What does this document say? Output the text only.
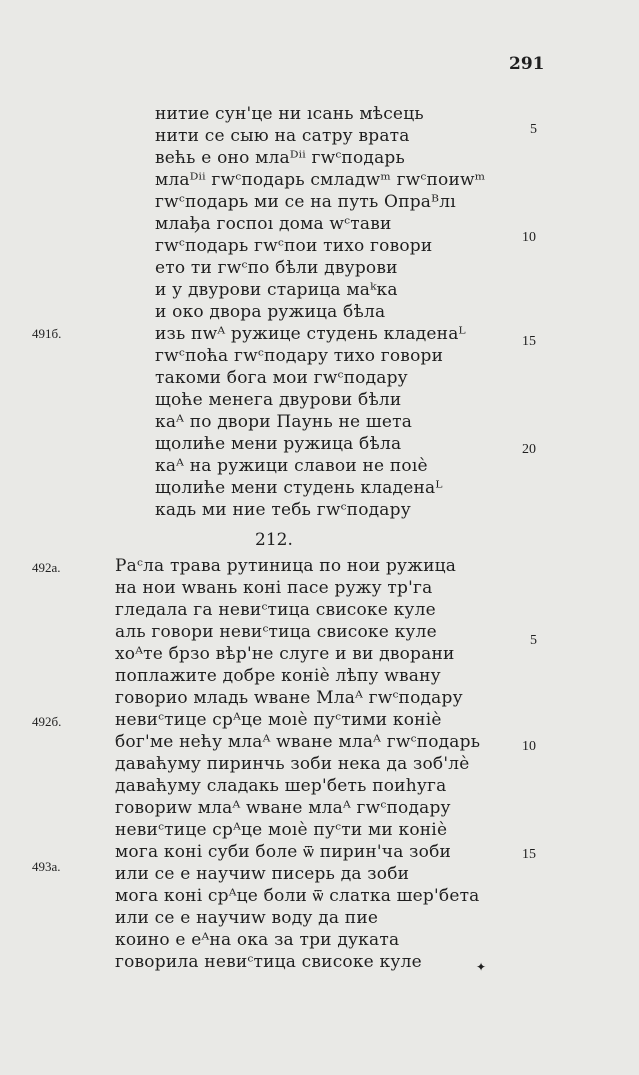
291
нитие сун'це ни ıсань мѣсець
нити се сыю на сатру врата
већь е оно млаᴰⁱⁱ гwᶜподарь
млаᴰⁱⁱ гwᶜподарь смладwᵐ гwᶜпоиwᵐ
гwᶜподарь ми се на путь Опраᴮлı
млађа госпоı дома wᶜтави
гwᶜподарь гwᶜпои тихо говори
ето ти гwᶜпо бѣли двурови
и у двурови старица маᵏка
и око двора ружица бѣла
изь пwᴬ ружице студень кладенаᴸ
гwᶜпоћа гwᶜподару тихо говори
такоми бога мои гwᶜподару
щоће менега двурови бѣли
каᴬ по двори Паунь не шета
щолиће мени ружица бѣла
каᴬ на ружици славои не поıѐ
щолиће мени студень кладенаᴸ
кадь ми ние тебь гwᶜподару
5
10
15
20
491б.
212.
Раᶜла трава рутиница по нои ружица
на нои wвань коні пасе ружу тр'га
гледала га невиᶜтица свисоке куле
аль говори невиᶜтица свисоке куле
хоᴬте брзо вѣр'не слуге и ви дворани
поплажите добре коніѐ лѣпу wвану
говорио младь wване Млаᴬ гwᶜподару
невиᶜтице срᴬце моıѐ пуᶜтими коніѐ
бог'ме нећу млаᴬ wване млаᴬ гwᶜподарь
даваћуму пиринчь зоби нека да зоб'лѐ
даваћуму сладакь шер'беть поиһуга
говориw млаᴬ wване млаᴬ гwᶜподару
невиᶜтице срᴬце моıѐ пуᶜти ми коніѐ
мога коні суби боле ѿ пирин'ча зоби
или се е научиw писерь да зоби
мога коні срᴬце боли ѿ слатка шер'бета
или се е научиw воду да пие
коино е еᴬна ока за три дуката
говорила невиᶜтица свисоке куле
5
10
15
492а.
492б.
493а.
✦
